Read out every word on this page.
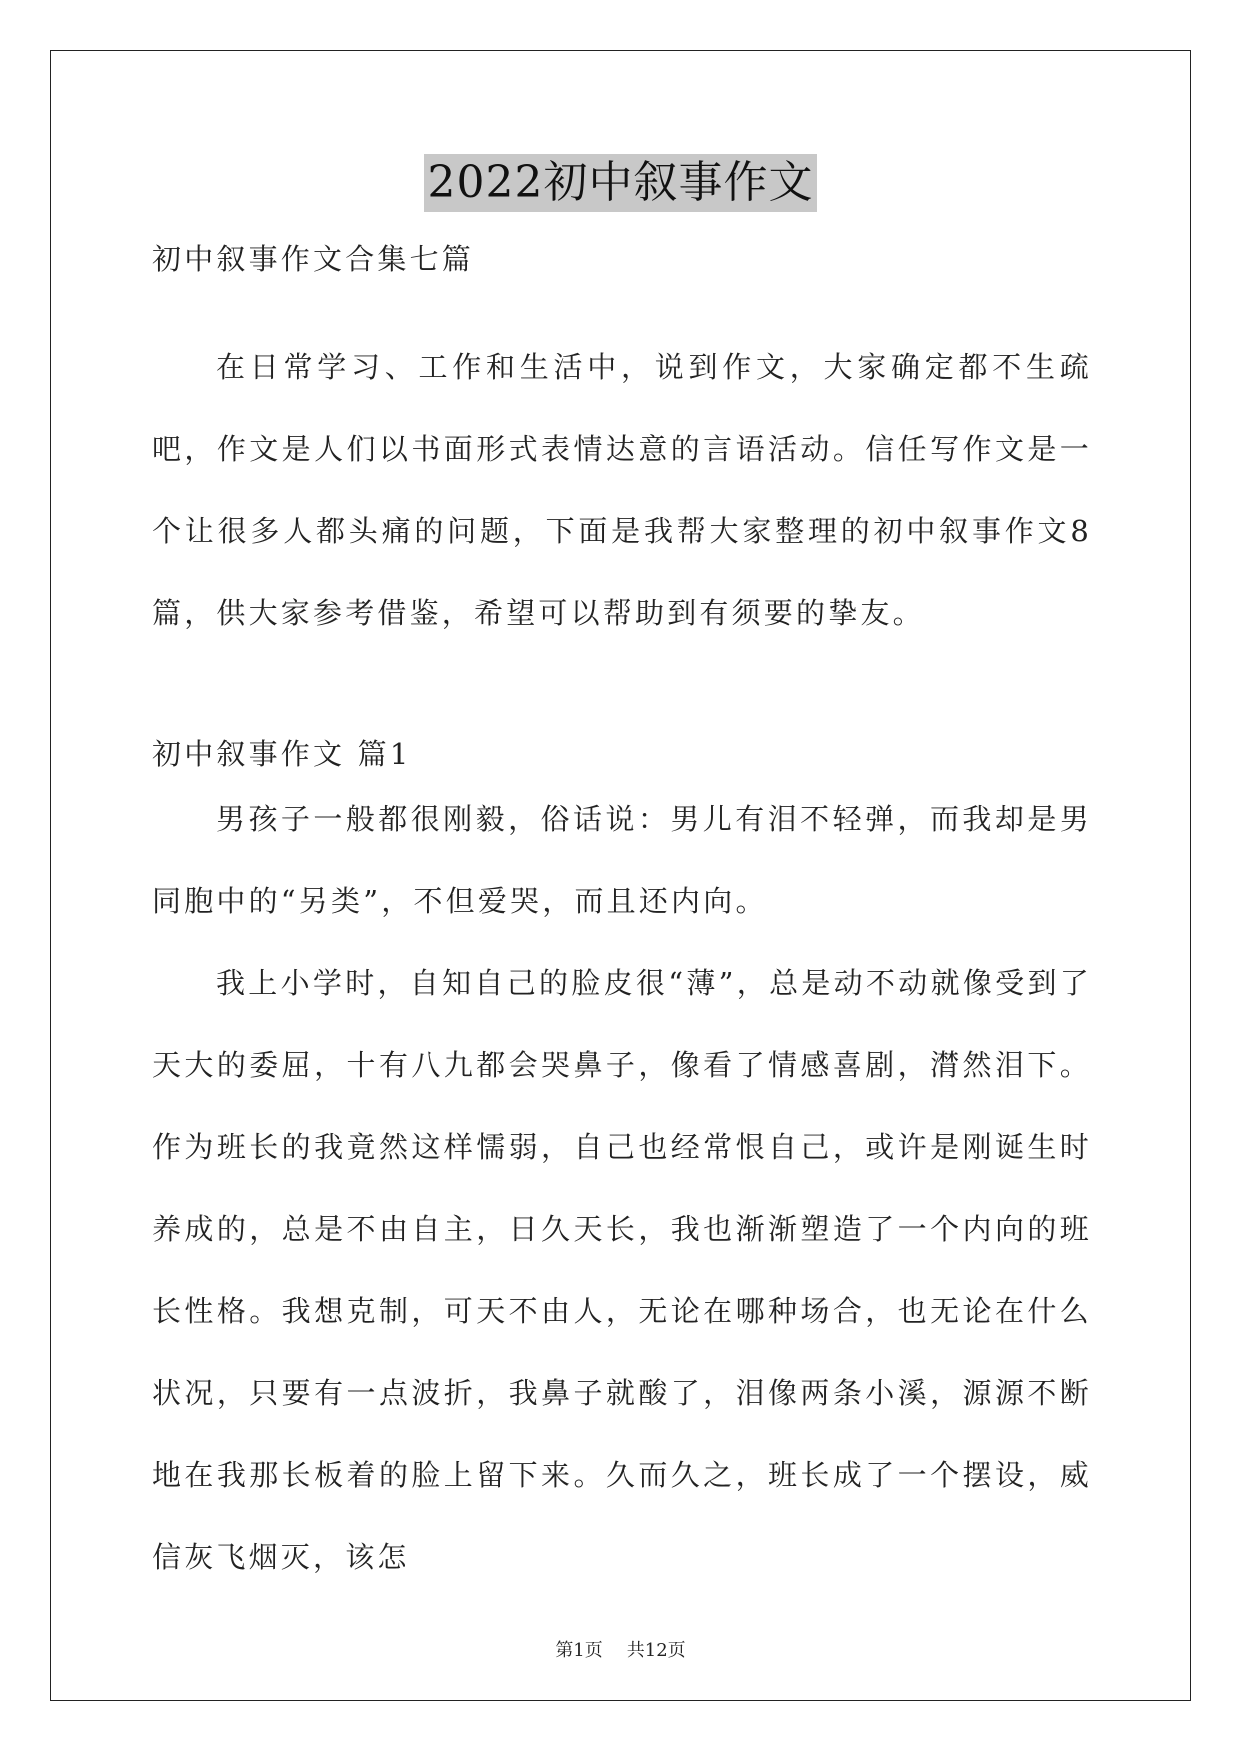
2022初中叙事作文
初中叙事作文合集七篇

在日常学习、工作和生活中，说到作文，大家确定都不生疏吧，作文是人们以书面形式表情达意的言语活动。信任写作文是一个让很多人都头痛的问题，下面是我帮大家整理的初中叙事作文8篇，供大家参考借鉴，希望可以帮助到有须要的挚友。

初中叙事作文 篇1

男孩子一般都很刚毅，俗话说：男儿有泪不轻弹，而我却是男同胞中的“另类”，不但爱哭，而且还内向。

我上小学时，自知自己的脸皮很“薄”，总是动不动就像受到了天大的委屈，十有八九都会哭鼻子，像看了情感喜剧，潸然泪下。作为班长的我竟然这样懦弱，自己也经常恨自己，或许是刚诞生时养成的，总是不由自主，日久天长，我也渐渐塑造了一个内向的班长性格。我想克制，可天不由人，无论在哪种场合，也无论在什么状况，只要有一点波折，我鼻子就酸了，泪像两条小溪，源源不断地在我那长板着的脸上留下来。久而久之，班长成了一个摆设，威信灰飞烟灭，该怎

第1页 共12页
